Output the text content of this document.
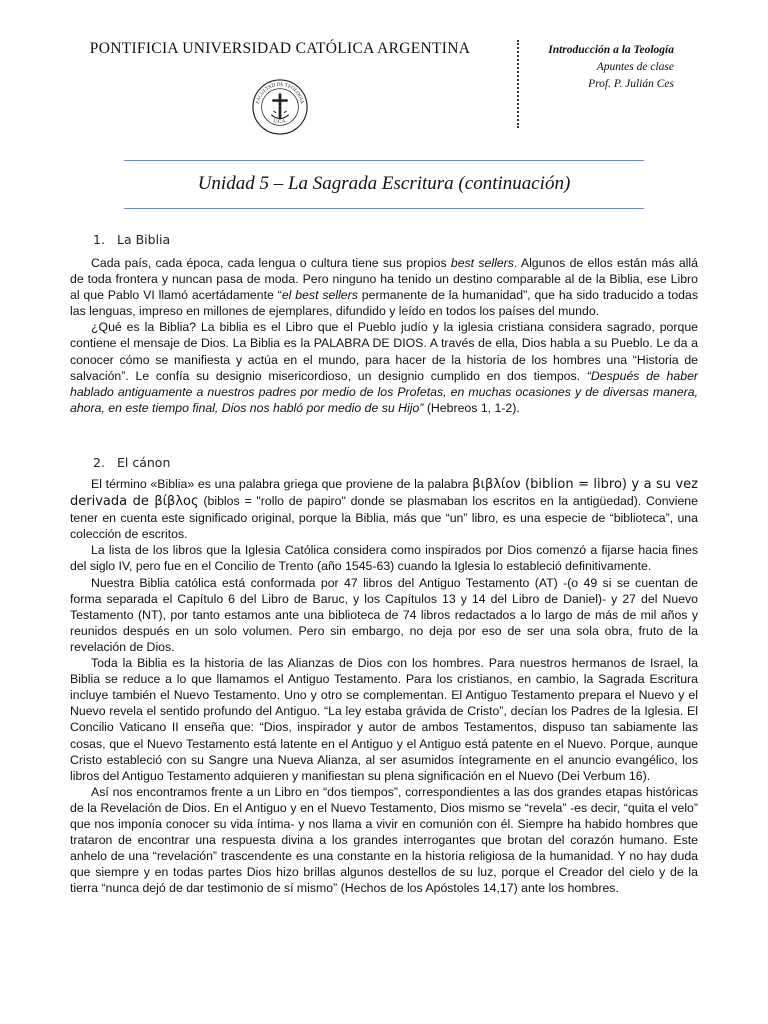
PONTIFICIA UNIVERSIDAD CATÓLICA ARGENTINA
FACULTAD DE TEOLOGIA
U.C.A.
Introducción a la Teología
Apuntes de clase
Prof. P. Julián Ces
Unidad 5 – La Sagrada Escritura (continuación)
1. La Biblia

Cada país, cada época, cada lengua o cultura tiene sus propios best sellers. Algunos de ellos están más allá de toda frontera y nuncan pasa de moda. Pero ninguno ha tenido un destino comparable al de la Biblia, ese Libro al que Pablo VI llamó acertádamente “el best sellers permanente de la humanidad”, que ha sido traducido a todas las lenguas, impreso en millones de ejemplares, difundido y leído en todos los países del mundo.

¿Qué es la Biblia? La biblia es el Libro que el Pueblo judío y la iglesia cristiana considera sagrado, porque contiene el mensaje de Dios. La Biblia es la PALABRA DE DIOS. A través de ella, Dios habla a su Pueblo. Le da a conocer cómo se manifiesta y actúa en el mundo, para hacer de la historia de los hombres una “Historia de salvación”. Le confía su designio misericordioso, un designio cumplido en dos tiempos. “Después de haber hablado antiguamente a nuestros padres por medio de los Profetas, en muchas ocasiones y de diversas manera, ahora, en este tiempo final, Dios nos habló por medio de su Hijo” (Hebreos 1, 1-2).

2. El cánon

El término «Biblia» es una palabra griega que proviene de la palabra βιβλίον (biblion = libro) y a su vez derivada de βίβλος (biblos = "rollo de papiro" donde se plasmaban los escritos en la antigüedad). Conviene tener en cuenta este significado original, porque la Biblia, más que “un” libro, es una especie de “biblioteca”, una colección de escritos.

La lista de los libros que la Iglesia Católica considera como inspirados por Dios comenzó a fijarse hacia fines del siglo IV, pero fue en el Concilio de Trento (año 1545-63) cuando la Iglesia lo estableció definitivamente.

Nuestra Biblia católica está conformada por 47 libros del Antiguo Testamento (AT) -(o 49 si se cuentan de forma separada el Capítulo 6 del Libro de Baruc, y los Capítulos 13 y 14 del Libro de Daniel)- y 27 del Nuevo Testamento (NT), por tanto estamos ante una biblioteca de 74 libros redactados a lo largo de más de mil años y reunidos después en un solo volumen. Pero sin embargo, no deja por eso de ser una sola obra, fruto de la revelación de Dios.

Toda la Biblia es la historia de las Alianzas de Dios con los hombres. Para nuestros hermanos de Israel, la Biblia se reduce a lo que llamamos el Antiguo Testamento. Para los cristianos, en cambio, la Sagrada Escritura incluye también el Nuevo Testamento. Uno y otro se complementan. El Antiguo Testamento prepara el Nuevo y el Nuevo revela el sentido profundo del Antiguo. “La ley estaba grávida de Cristo”, decían los Padres de la Iglesia. El Concilio Vaticano II enseña que: “Dios, inspirador y autor de ambos Testamentos, dispuso tan sabiamente las cosas, que el Nuevo Testamento está latente en el Antiguo y el Antiguo está patente en el Nuevo. Porque, aunque Cristo estableció con su Sangre una Nueva Alianza, al ser asumidos íntegramente en el anuncio evangélico, los libros del Antiguo Testamento adquieren y manifiestan su plena significación en el Nuevo (Dei Verbum 16).

Así nos encontramos frente a un Libro en “dos tiempos”, correspondientes a las dos grandes etapas históricas de la Revelación de Dios. En el Antiguo y en el Nuevo Testamento, Dios mismo se “revela” -es decir, “quita el velo” que nos imponía conocer su vida íntima- y nos llama a vivir en comunión con él. Siempre ha habido hombres que trataron de encontrar una respuesta divina a los grandes interrogantes que brotan del corazón humano. Este anhelo de una “revelación” trascendente es una constante en la historia religiosa de la humanidad. Y no hay duda que siempre y en todas partes Dios hizo brillas algunos destellos de su luz, porque el Creador del cielo y de la tierra “nunca dejó de dar testimonio de sí mismo” (Hechos de los Apóstoles 14,17) ante los hombres.
